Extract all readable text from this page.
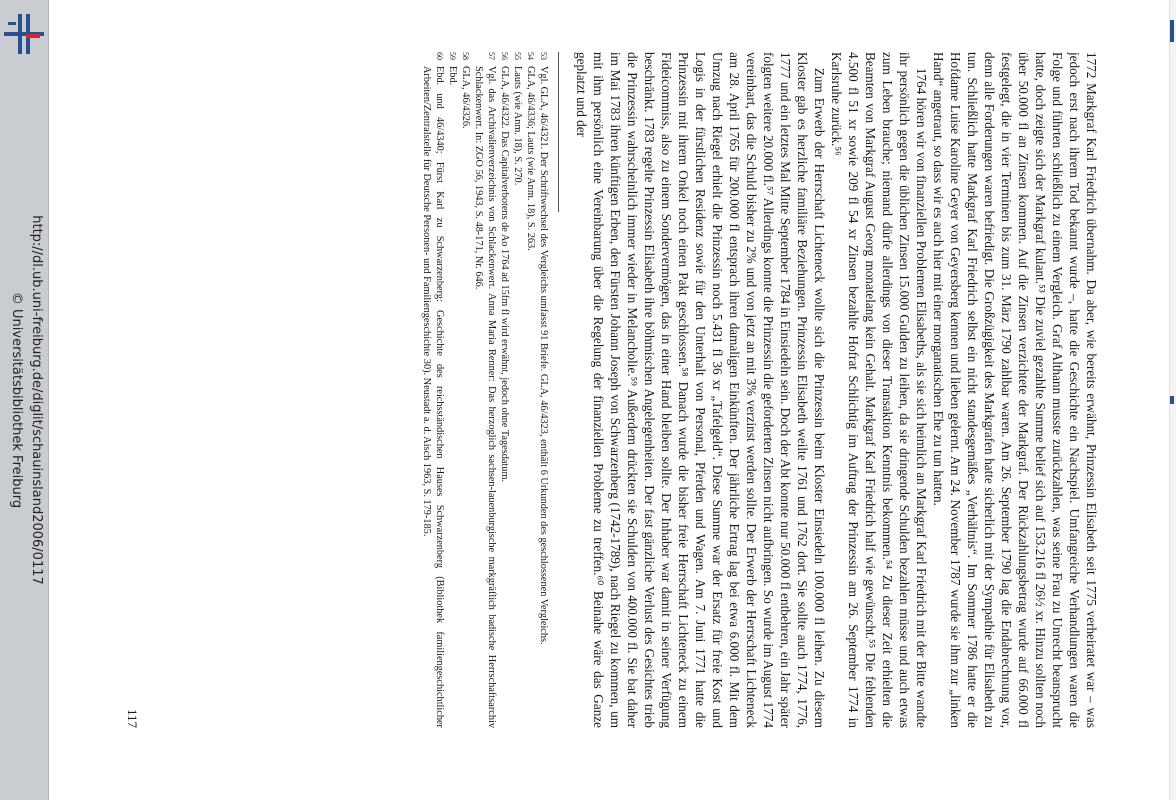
http://dl.ub.uni-freiburg.de/diglit/schauinsland2006/0117
© Universitätsbibliothek Freiburg	1772 Markgraf Karl Friedrich übernahm. Da aber, wie bereits erwähnt, Prinzessin Elisabeth seit 1775 verheiratet war – was jedoch erst nach ihrem Tod bekannt wurde –, hatte die Geschichte ein Nachspiel. Umfangreiche Verhandlungen waren die Folge und führten schließlich zu einem Vergleich. Graf Althann musste zurückzahlen, was seine Frau zu Unrecht beansprucht hatte, doch zeigte sich der Markgraf kulant.⁵³ Die zuviel gezahlte Summe belief sich auf 153.216 fl 26½ xr. Hinzu sollten noch über 50.000 fl an Zinsen kommen. Auf die Zinsen verzichtete der Markgraf. Der Rückzahlungsbetrag wurde auf 66.000 fl festgelegt, die in vier Terminen bis zum 31. März 1790 zahlbar waren. Am 26. September 1790 lag die Endabrechnung vor, denn alle Forderungen waren befriedigt. Die Großzügigkeit des Markgrafen hatte sicherlich mit der Sympathie für Elisabeth zu tun. Schließlich hatte Markgraf Karl Friedrich selbst ein nicht standesgemäßes „Verhältnis“. Im Sommer 1786 hatte er die Hofdame Luise Karoline Geyer von Geyersberg kennen und lieben gelernt. Am 24. November 1787 wurde sie ihm zur „linken Hand“ angetraut, so dass wir es auch hier mit einer morganatischen Ehe zu tun hatten.

1764 hören wir von finanziellen Problemen Elisabeths, als sie sich heimlich an Markgraf Karl Friedrich mit der Bitte wandte ihr persönlich gegen die üblichen Zinsen 15.000 Gulden zu leihen, da sie dringende Schulden bezahlen müsse und auch etwas zum Leben brauche; niemand dürfe allerdings von dieser Transaktion Kenntnis bekommen.⁵⁴ Zu dieser Zeit erhielten die Beamten von Markgraf August Georg monatelang kein Gehalt. Markgraf Karl Friedrich half wie gewünscht.⁵⁵ Die fehlenden 4.500 fl 51 xr sowie 209 fl 54 xr Zinsen bezahlte Hofrat Schlichtig im Auftrag der Prinzessin am 26. September 1774 in Karlsruhe zurück.⁵⁶

Zum Erwerb der Herrschaft Lichteneck wollte sich die Prinzessin beim Kloster Einsiedeln 100.000 fl leihen. Zu diesem Kloster gab es herzliche familiäre Beziehungen. Prinzessin Elisabeth weilte 1761 und 1762 dort. Sie sollte auch 1774, 1776, 1777 und ein letztes Mal Mitte September 1784 in Einsiedeln sein. Doch der Abt konnte nur 50.000 fl entbehren, ein Jahr später folgten weitere 20.000 fl.⁵⁷ Allerdings konnte die Prinzessin die geforderten Zinsen nicht aufbringen. So wurde im August 1774 vereinbart, das die Schuld bisher zu 2% und von jetzt an mit 3% verzinst werden sollte. Der Erwerb der Herrschaft Lichteneck am 28. April 1765 für 200.000 fl entsprach ihren damaligen Einkünften. Der jährliche Ertrag lag bei etwa 6.000 fl. Mit dem Umzug nach Riegel erhielt die Prinzessin noch 5.431 fl 36 xr „Tafelgeld“. Diese Summe war der Ersatz für freie Kost und Logis in der fürstlichen Residenz sowie für den Unterhalt von Personal, Pferden und Wagen. Am 7. Juni 1771 hatte die Prinzessin mit ihrem Onkel noch einen Pakt geschlossen.⁵⁸ Danach wurde die bisher freie Herrschaft Lichteneck zu einem Fideicommiss, also zu einem Sondervermögen, das in einer Hand bleiben sollte. Der Inhaber war damit in seiner Verfügung beschränkt. 1783 regelte Prinzessin Elisabeth ihre böhmischen Angelegenheiten. Der fast gänzliche Verlust des Gesichtes trieb die Prinzessin wahrscheinlich immer wieder in Melancholie.⁵⁹ Außerdem drückten sie Schulden von 400.000 fl. Sie bat daher im Mai 1783 ihren künftigen Erben, den Fürsten Johann Joseph von Schwarzenberg (1742-1789), nach Riegel zu kommen, um mit ihm persönlich eine Vereinbarung über die Regelung der finanziellen Probleme zu treffen.⁶⁰ Beinahe wäre das Ganze geplatzt und der

53Vgl. GLA, 46/4321. Der Schriftwechsel des Vergleichs umfasst 91 Briefe. GLA, 46/4323, enthält 6 Urkunden des geschlossenen Vergleichs.
54GLA, 46/4336; Lauts (wie Anm. 18), S. 263.
55Lauts (wie Anm. 18), S. 270.
56GLA, 46/4322. Das Capitalverbotens de Ao 1764 ad 15fm fl wird erwähnt, jedoch ohne Tagesdatum.
57Vgl. das Archivalienverzeichnis von Schlackenwert. Anna Maria Renner: Das herzoglich sachsen-lauenburgische markgräflich badische Herrschaftsarchiv Schlackenwert. In: ZGO 56, 1943, S. 48-171, Nr. 646.
58GLA, 46/4326.
59Ebd.
60Ebd. und 46/4340; Fürst Karl zu Schwarzenberg: Geschichte des reichsständischen Hauses Schwarzenberg (Bibliothek familiengeschichtlicher Arbeiten/Zentralstelle für Deutsche Personen- und Familiengeschichte 30). Neustadt a. d. Aisch 1963, S. 179-185.
117
